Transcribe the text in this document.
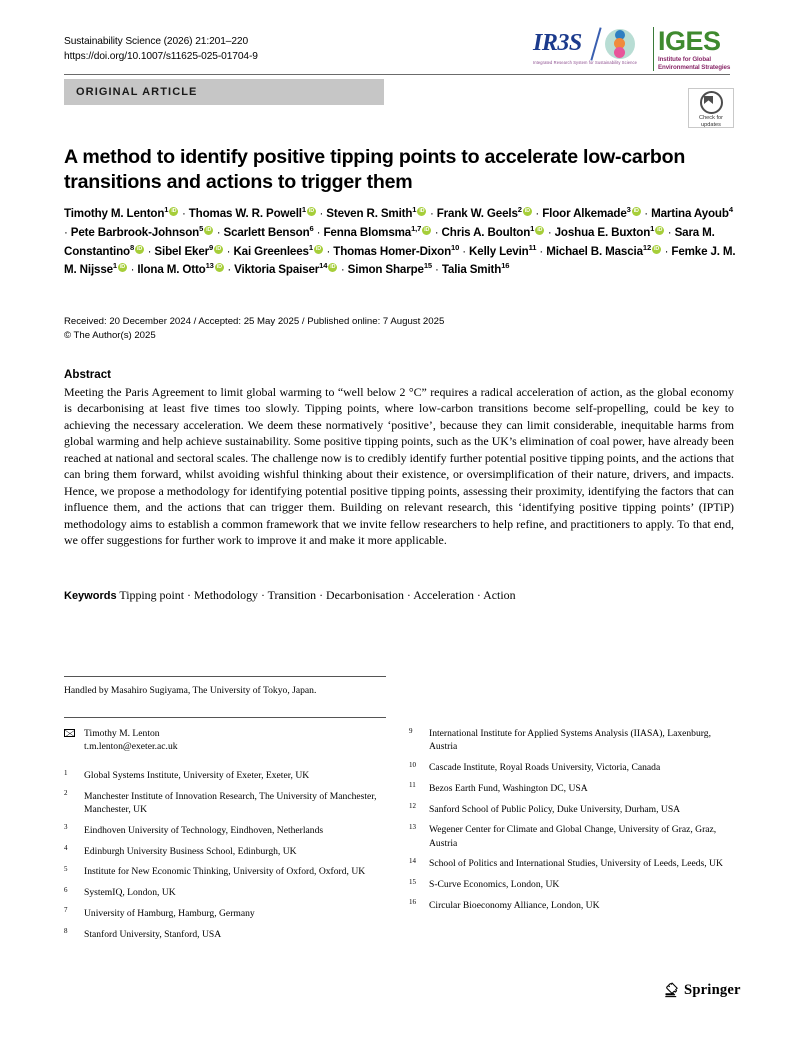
Sustainability Science (2026) 21:201–220
https://doi.org/10.1007/s11625-025-01704-9
IR3S
Integrated Research System for Sustainability Science
IGES
Institute for Global
Environmental Strategies
ORIGINAL ARTICLE
Check for
updates
A method to identify positive tipping points to accelerate low-carbon transitions and actions to trigger them
Timothy M. Lenton$^1$iD · Thomas W. R. Powell$^1$iD · Steven R. Smith$^1$iD · Frank W. Geels$^2$iD · Floor Alkemade$^3$iD · Martina Ayoub$^4$ · Pete Barbrook-Johnson$^5$iD · Scarlett Benson$^6$ · Fenna Blomsma$^{1,7}$iD · Chris A. Boulton$^1$iD · Joshua E. Buxton$^1$iD · Sara M. Constantino$^8$iD · Sibel Eker$^9$iD · Kai Greenlees$^1$iD · Thomas Homer-Dixon$^{10}$ · Kelly Levin$^{11}$ · Michael B. Mascia$^{12}$iD · Femke J. M. M. Nijsse$^1$iD · Ilona M. Otto$^{13}$iD · Viktoria Spaiser$^{14}$iD · Simon Sharpe$^{15}$ · Talia Smith$^{16}$
Received: 20 December 2024 / Accepted: 25 May 2025 / Published online: 7 August 2025
© The Author(s) 2025
Abstract
Meeting the Paris Agreement to limit global warming to “well below 2 °C” requires a radical acceleration of action, as the global economy is decarbonising at least five times too slowly. Tipping points, where low-carbon transitions become self-propelling, could be key to achieving the necessary acceleration. We deem these normatively ‘positive’, because they can limit considerable, inequitable harms from global warming and help achieve sustainability. Some positive tipping points, such as the UK’s elimination of coal power, have already been reached at national and sectoral scales. The challenge now is to credibly identify further potential positive tipping points, and the actions that can bring them forward, whilst avoiding wishful thinking about their existence, or oversimplification of their nature, drivers, and impacts. Hence, we propose a methodology for identifying potential positive tipping points, assessing their proximity, identifying the factors that can influence them, and the actions that can trigger them. Building on relevant research, this ‘identifying positive tipping points’ (IPTiP) methodology aims to establish a common framework that we invite fellow researchers to help refine, and practitioners to apply. To that end, we offer suggestions for further work to improve it and make it more applicable.
Keywords Tipping point · Methodology · Transition · Decarbonisation · Acceleration · Action
Handled by Masahiro Sugiyama, The University of Tokyo, Japan.
Timothy M. Lenton
t.m.lenton@exeter.ac.uk
1	Global Systems Institute, University of Exeter, Exeter, UK
2	Manchester Institute of Innovation Research, The University of Manchester, Manchester, UK
3	Eindhoven University of Technology, Eindhoven, Netherlands
4	Edinburgh University Business School, Edinburgh, UK
5	Institute for New Economic Thinking, University of Oxford, Oxford, UK
6	SystemIQ, London, UK
7	University of Hamburg, Hamburg, Germany
8	Stanford University, Stanford, USA
9	International Institute for Applied Systems Analysis (IIASA), Laxenburg, Austria
10	Cascade Institute, Royal Roads University, Victoria, Canada
11	Bezos Earth Fund, Washington DC, USA
12	Sanford School of Public Policy, Duke University, Durham, USA
13	Wegener Center for Climate and Global Change, University of Graz, Graz, Austria
14	School of Politics and International Studies, University of Leeds, Leeds, UK
15	S-Curve Economics, London, UK
16	Circular Bioeconomy Alliance, London, UK
Springer
